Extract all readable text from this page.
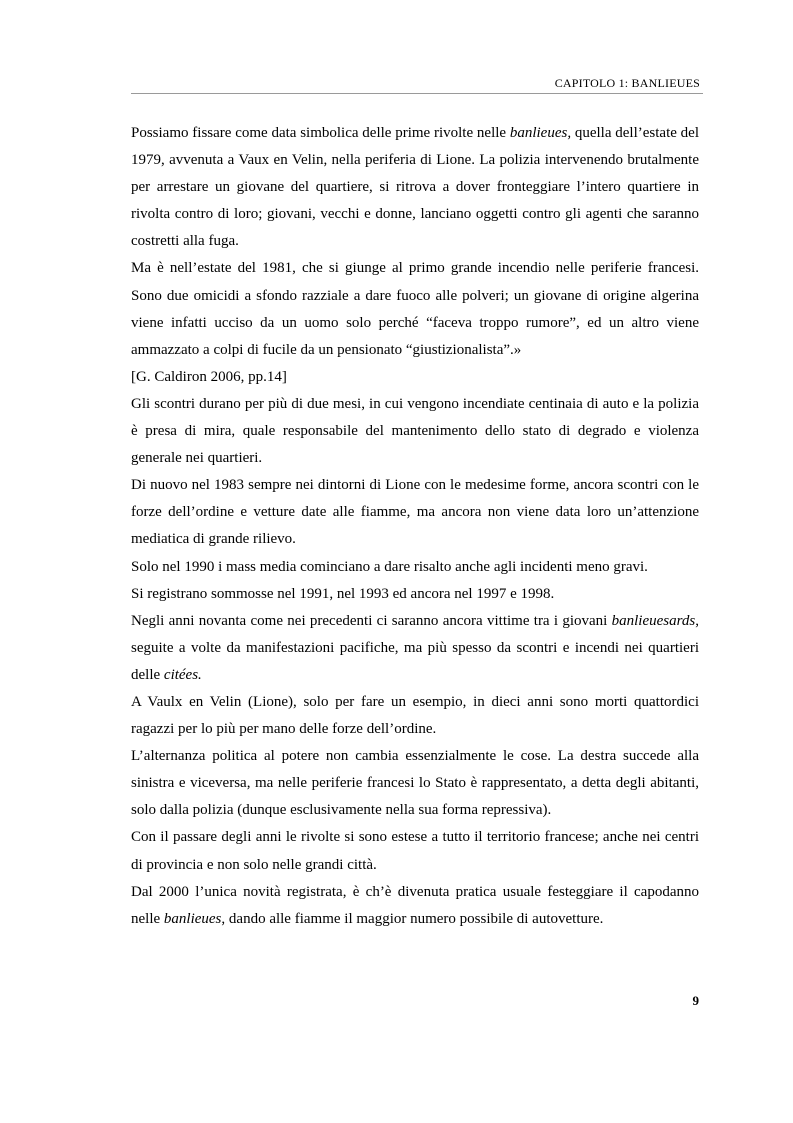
CAPITOLO 1: BANLIEUES

Possiamo fissare come data simbolica delle prime rivolte nelle banlieues, quella dell’estate del 1979, avvenuta a Vaux en Velin, nella periferia di Lione. La polizia intervenendo brutalmente per arrestare un giovane del quartiere, si ritrova a dover fronteggiare l’intero quartiere in rivolta contro di loro; giovani, vecchi e donne, lanciano oggetti contro gli agenti che saranno costretti alla fuga.

Ma è nell’estate del 1981, che si giunge al primo grande incendio nelle periferie francesi. Sono due omicidi a sfondo razziale a dare fuoco alle polveri; un giovane di origine algerina viene infatti ucciso da un uomo solo perché “faceva troppo rumore”, ed un altro viene ammazzato a colpi di fucile da un pensionato “giustizionalista”.»

[G. Caldiron 2006, pp.14]

Gli scontri durano per più di due mesi, in cui vengono incendiate centinaia di auto e la polizia è presa di mira, quale responsabile del mantenimento dello stato di degrado e violenza generale nei quartieri.

Di nuovo nel 1983 sempre nei dintorni di Lione con le medesime forme, ancora scontri con le forze dell’ordine e vetture date alle fiamme, ma ancora non viene data loro un’attenzione mediatica di grande rilievo.

Solo nel 1990 i mass media cominciano a dare risalto anche agli incidenti meno gravi.

Si registrano sommosse nel 1991, nel 1993 ed ancora nel 1997 e 1998.

Negli anni novanta come nei precedenti ci saranno ancora vittime tra i giovani banlieuesards, seguite a volte da manifestazioni pacifiche, ma più spesso da scontri e incendi nei quartieri delle citées.

A Vaulx en Velin (Lione), solo per fare un esempio, in dieci anni sono morti quattordici ragazzi per lo più per mano delle forze dell’ordine.

L’alternanza politica al potere non cambia essenzialmente le cose. La destra succede alla sinistra e viceversa, ma nelle periferie francesi lo Stato è rappresentato, a detta degli abitanti, solo dalla polizia (dunque esclusivamente nella sua forma repressiva).

Con il passare degli anni le rivolte si sono estese a tutto il territorio francese; anche nei centri di provincia e non solo nelle grandi città.

Dal 2000 l’unica novità registrata, è ch’è divenuta pratica usuale festeggiare il capodanno nelle banlieues, dando alle fiamme il maggior numero possibile di autovetture.

9
